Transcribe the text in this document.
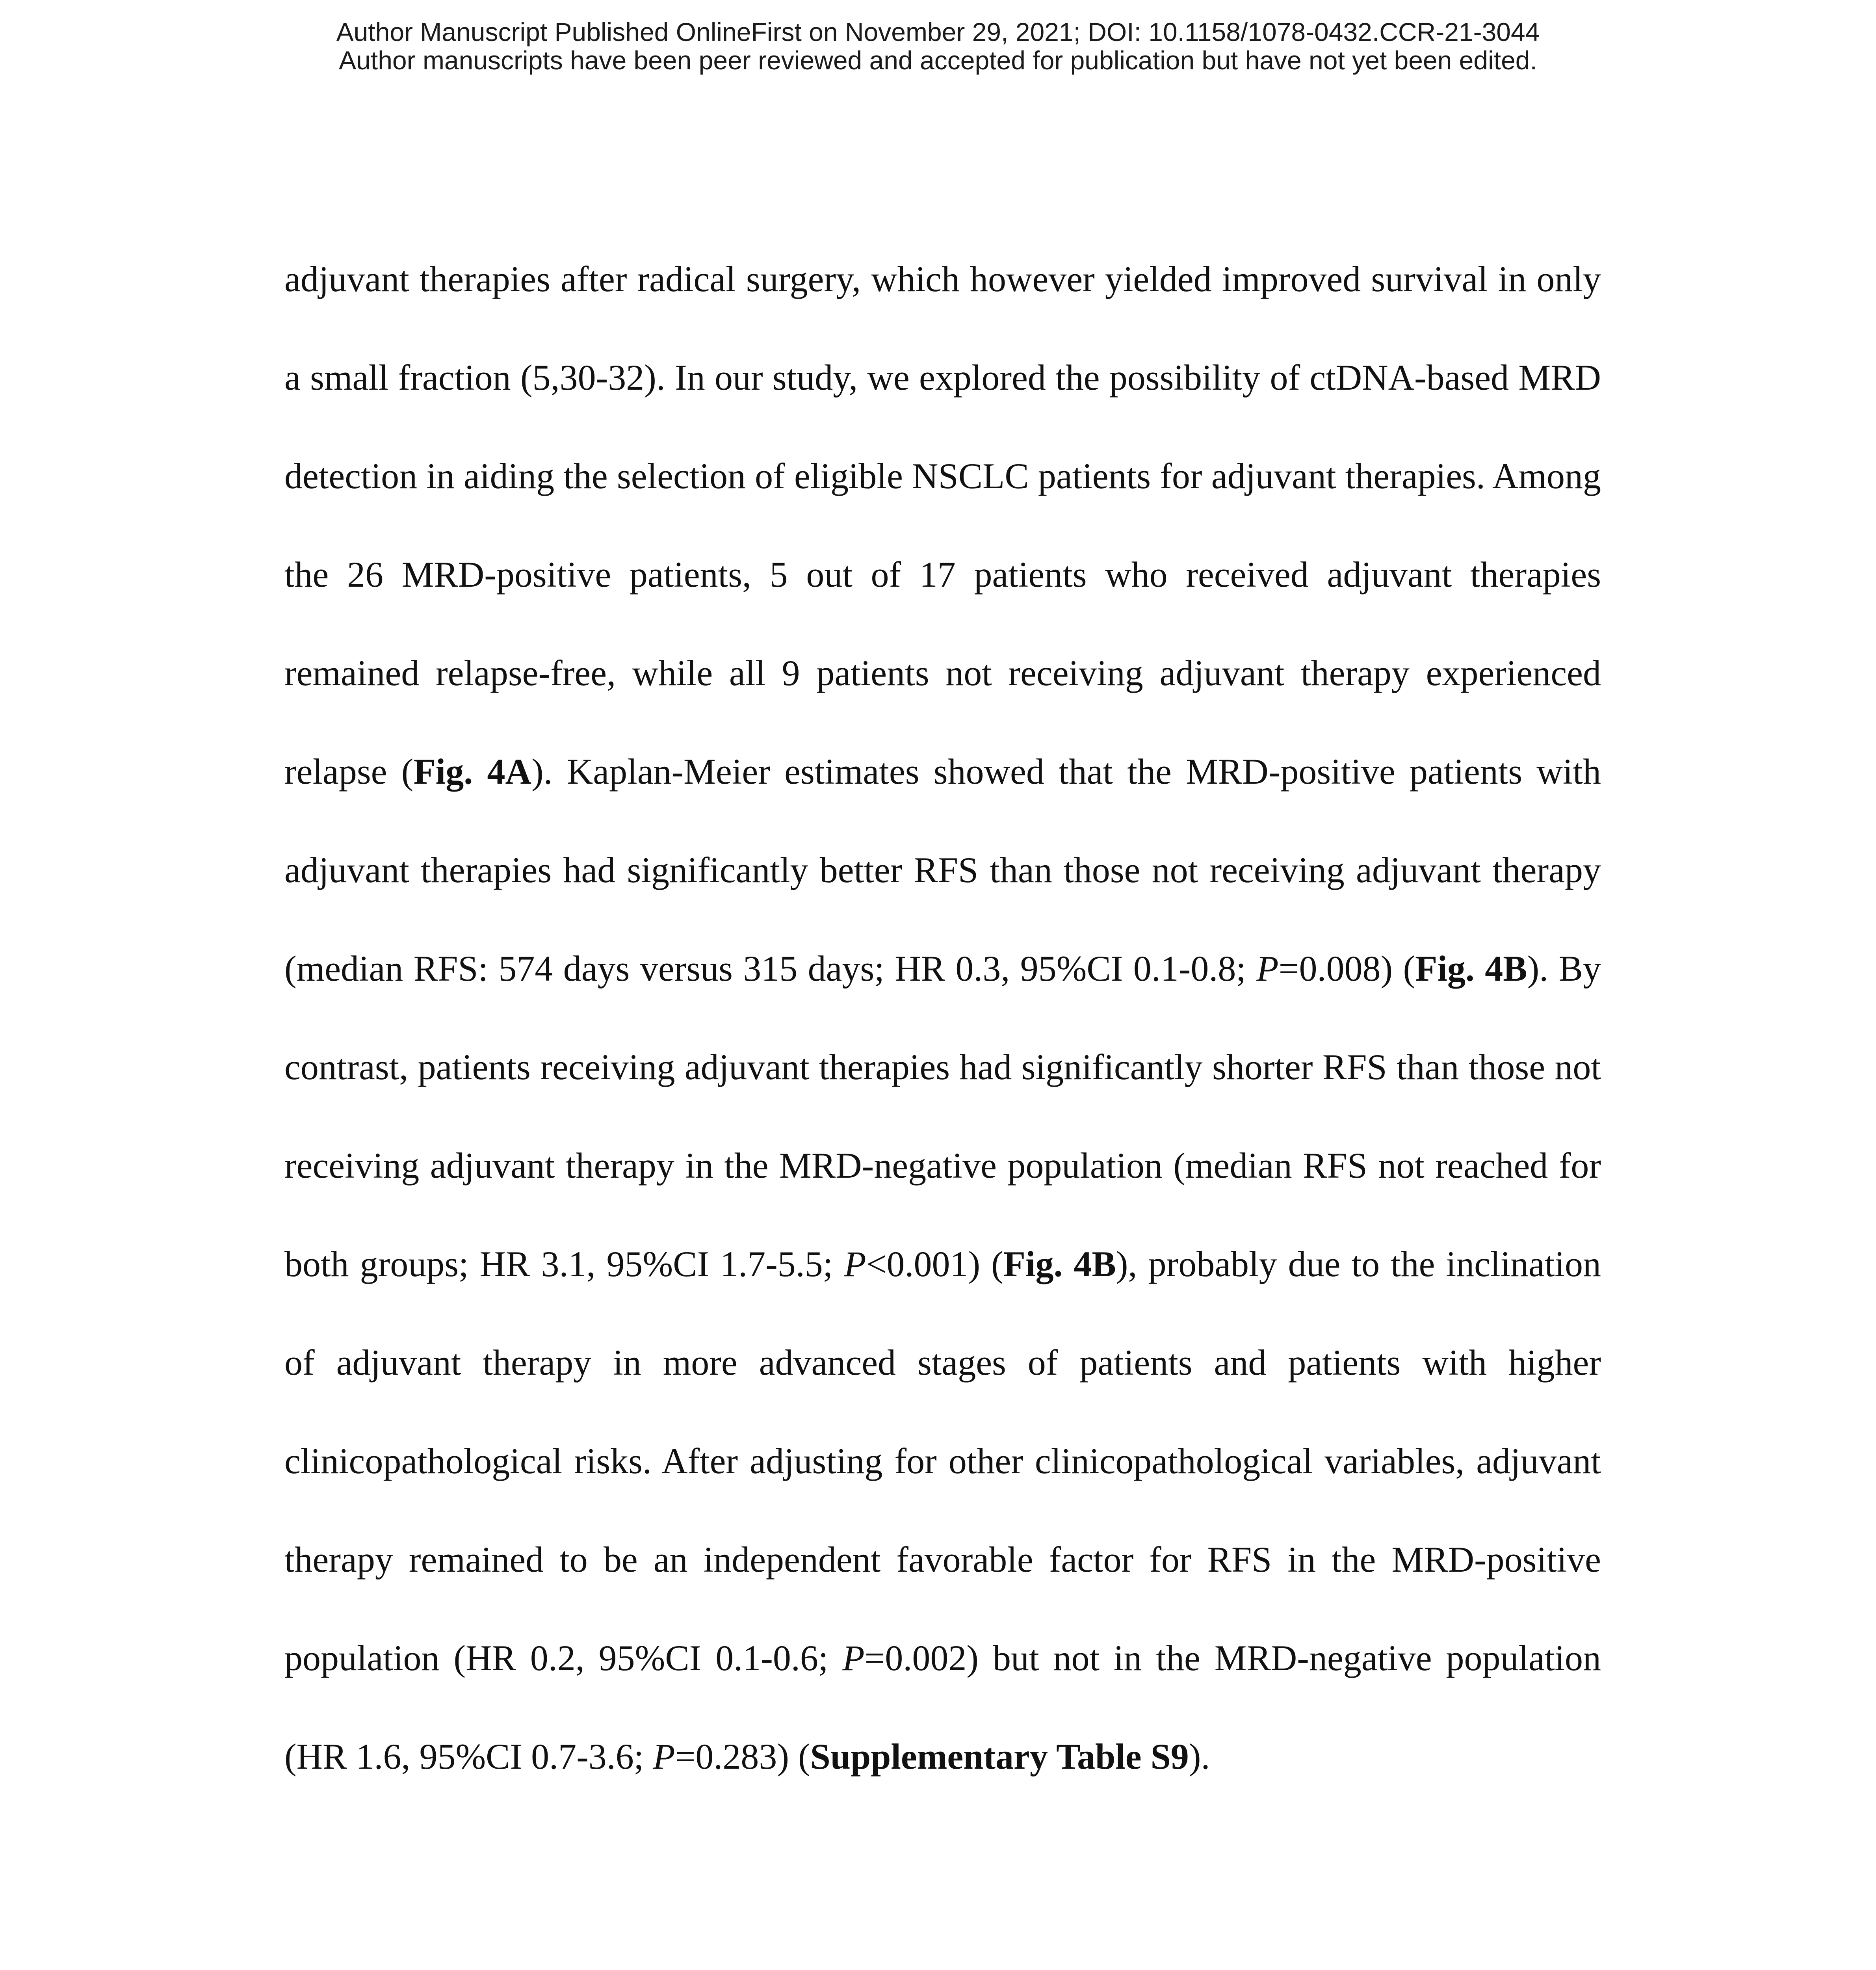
Author Manuscript Published OnlineFirst on November 29, 2021; DOI: 10.1158/1078-0432.CCR-21-3044
Author manuscripts have been peer reviewed and accepted for publication but have not yet been edited.

adjuvant therapies after radical surgery, which however yielded improved survival in only a small fraction (5,30-32). In our study, we explored the possibility of ctDNA-based MRD detection in aiding the selection of eligible NSCLC patients for adjuvant therapies. Among the 26 MRD-positive patients, 5 out of 17 patients who received adjuvant therapies remained relapse-free, while all 9 patients not receiving adjuvant therapy experienced relapse (Fig. 4A). Kaplan-Meier estimates showed that the MRD-positive patients with adjuvant therapies had significantly better RFS than those not receiving adjuvant therapy (median RFS: 574 days versus 315 days; HR 0.3, 95%CI 0.1-0.8; P=0.008) (Fig. 4B). By contrast, patients receiving adjuvant therapies had significantly shorter RFS than those not receiving adjuvant therapy in the MRD-negative population (median RFS not reached for both groups; HR 3.1, 95%CI 1.7-5.5; P<0.001) (Fig. 4B), probably due to the inclination of adjuvant therapy in more advanced stages of patients and patients with higher clinicopathological risks. After adjusting for other clinicopathological variables, adjuvant therapy remained to be an independent favorable factor for RFS in the MRD-positive population (HR 0.2, 95%CI 0.1-0.6; P=0.002) but not in the MRD-negative population (HR 1.6, 95%CI 0.7-3.6; P=0.283) (Supplementary Table S9).
